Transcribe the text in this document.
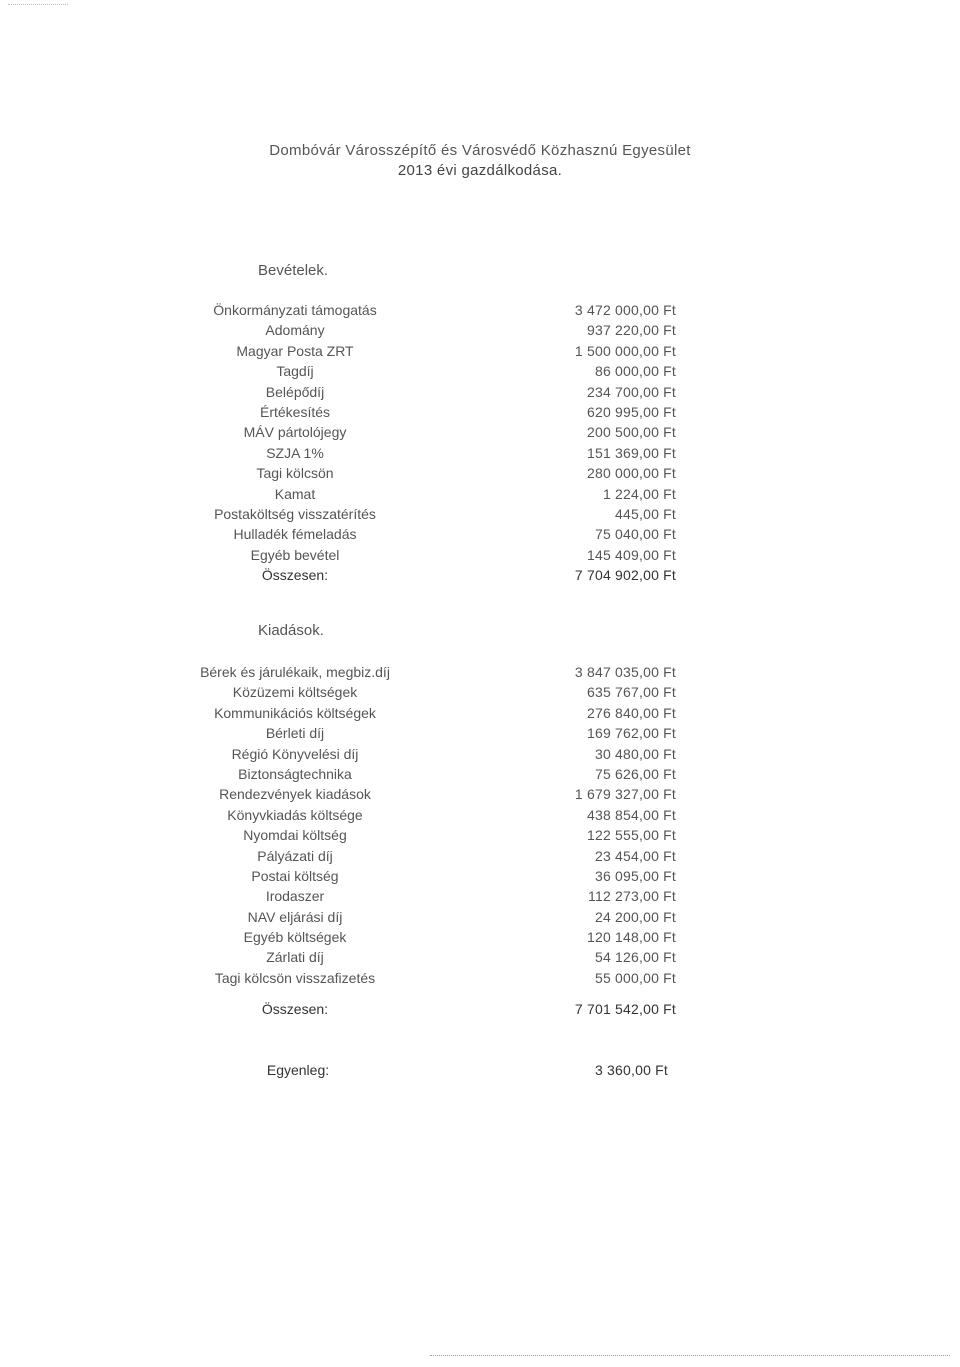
Dombóvár Városszépítő és Városvédő Közhasznú Egyesület
2013 évi gazdálkodása.
Bevételek.
Önkormányzati támogatás	3 472 000,00 Ft
Adomány	937 220,00 Ft
Magyar Posta ZRT	1 500 000,00 Ft
Tagdíj	86 000,00 Ft
Belépődíj	234 700,00 Ft
Értékesítés	620 995,00 Ft
MÁV pártolójegy	200 500,00 Ft
SZJA 1%	151 369,00 Ft
Tagi kölcsön	280 000,00 Ft
Kamat	1 224,00 Ft
Postaköltség visszatérítés	445,00 Ft
Hulladék fémeladás	75 040,00 Ft
Egyéb bevétel	145 409,00 Ft
Összesen:	7 704 902,00 Ft
Kiadások.
Bérek és járulékaik, megbiz.díj	3 847 035,00 Ft
Közüzemi költségek	635 767,00 Ft
Kommunikációs költségek	276 840,00 Ft
Bérleti díj	169 762,00 Ft
Régió Könyvelési díj	30 480,00 Ft
Biztonságtechnika	75 626,00 Ft
Rendezvények kiadások	1 679 327,00 Ft
Könyvkiadás költsége	438 854,00 Ft
Nyomdai költség	122 555,00 Ft
Pályázati díj	23 454,00 Ft
Postai költség	36 095,00 Ft
Irodaszer	112 273,00 Ft
NAV eljárási díj	24 200,00 Ft
Egyéb költségek	120 148,00 Ft
Zárlati díj	54 126,00 Ft
Tagi kölcsön visszafizetés	55 000,00 Ft
Összesen:	7 701 542,00 Ft
Egyenleg:	3 360,00 Ft
